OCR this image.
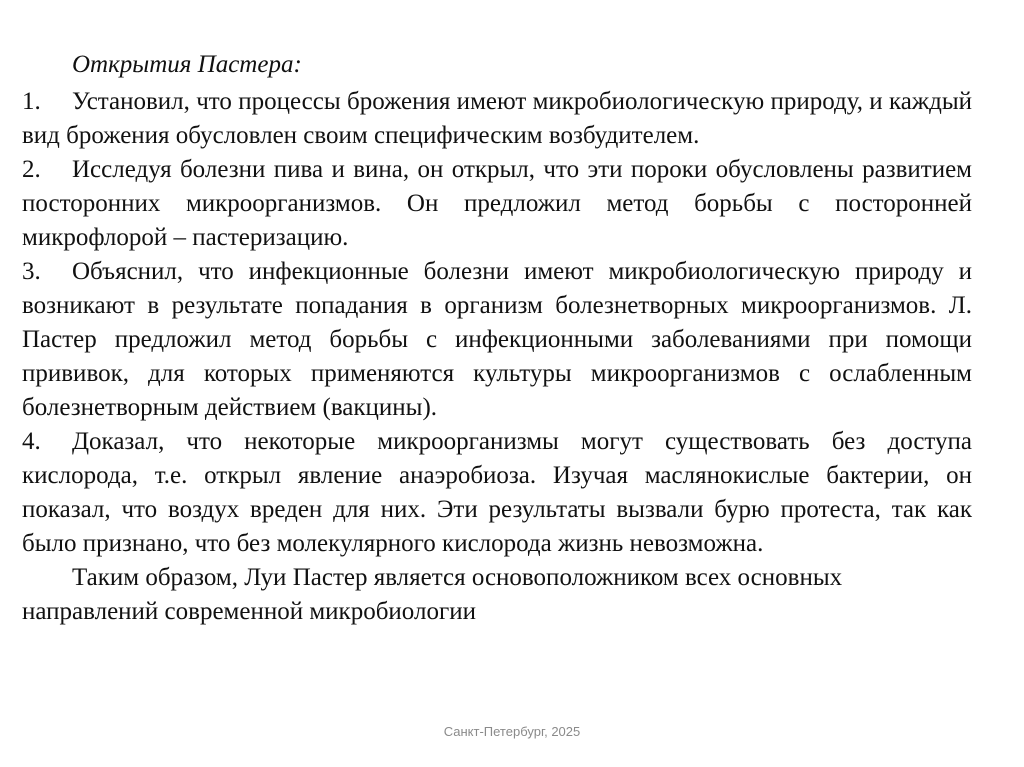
Открытия Пастера:

1. Установил, что процессы брожения имеют микробиологическую природу, и каждый вид брожения обусловлен своим специфическим возбудителем.

2. Исследуя болезни пива и вина, он открыл, что эти пороки обусловлены развитием посторонних микроорганизмов. Он предложил метод борьбы с посторонней микрофлорой – пастеризацию.

3. Объяснил, что инфекционные болезни имеют микробиологическую природу и возникают в результате попадания в организм болезнетворных микроорганизмов. Л. Пастер предложил метод борьбы с инфекционными заболеваниями при помощи прививок, для которых применяются культуры микроорганизмов с ослабленным болезнетворным действием (вакцины).

4. Доказал, что некоторые микроорганизмы могут существовать без доступа кислорода, т.е. открыл явление анаэробиоза. Изучая маслянокислые бактерии, он показал, что воздух вреден для них. Эти результаты вызвали бурю протеста, так как было признано, что без молекулярного кислорода жизнь невозможна.

Таким образом, Луи Пастер является основоположником всех основных направлений современной микробиологии

Санкт-Петербург, 2025
